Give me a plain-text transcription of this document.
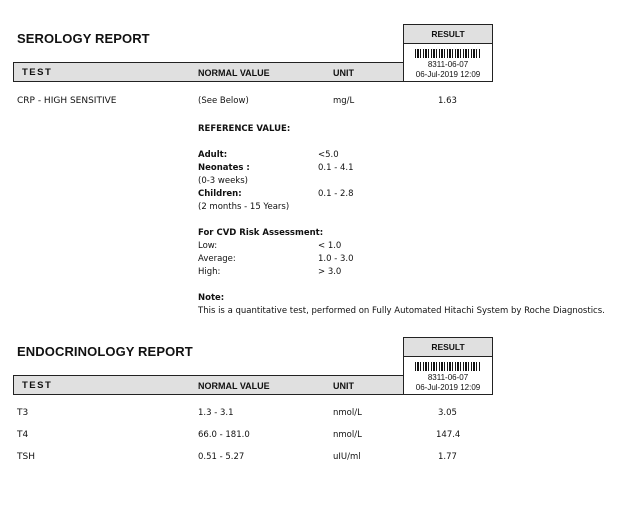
SEROLOGY REPORT
TEST	NORMAL VALUE	UNIT
RESULT
8311-06-07
06-Jul-2019 12:09
CRP - HIGH SENSITIVE	(See Below)	mg/L	1.63
REFERENCE VALUE:
Adult:	<5.0
Neonates :	0.1 - 4.1
(0-3 weeks)
Children:	0.1 - 2.8
(2 months - 15 Years)
For CVD Risk Assessment:
Low:	< 1.0
Average:	1.0 - 3.0
High:	> 3.0
Note:
This is a quantitative test, performed on Fully Automated Hitachi System by Roche Diagnostics.
ENDOCRINOLOGY REPORT
TEST	NORMAL VALUE	UNIT
RESULT
8311-06-07
06-Jul-2019 12:09
T3	1.3 - 3.1	nmol/L	3.05
T4	66.0 - 181.0	nmol/L	147.4
TSH	0.51 - 5.27	uIU/ml	1.77
